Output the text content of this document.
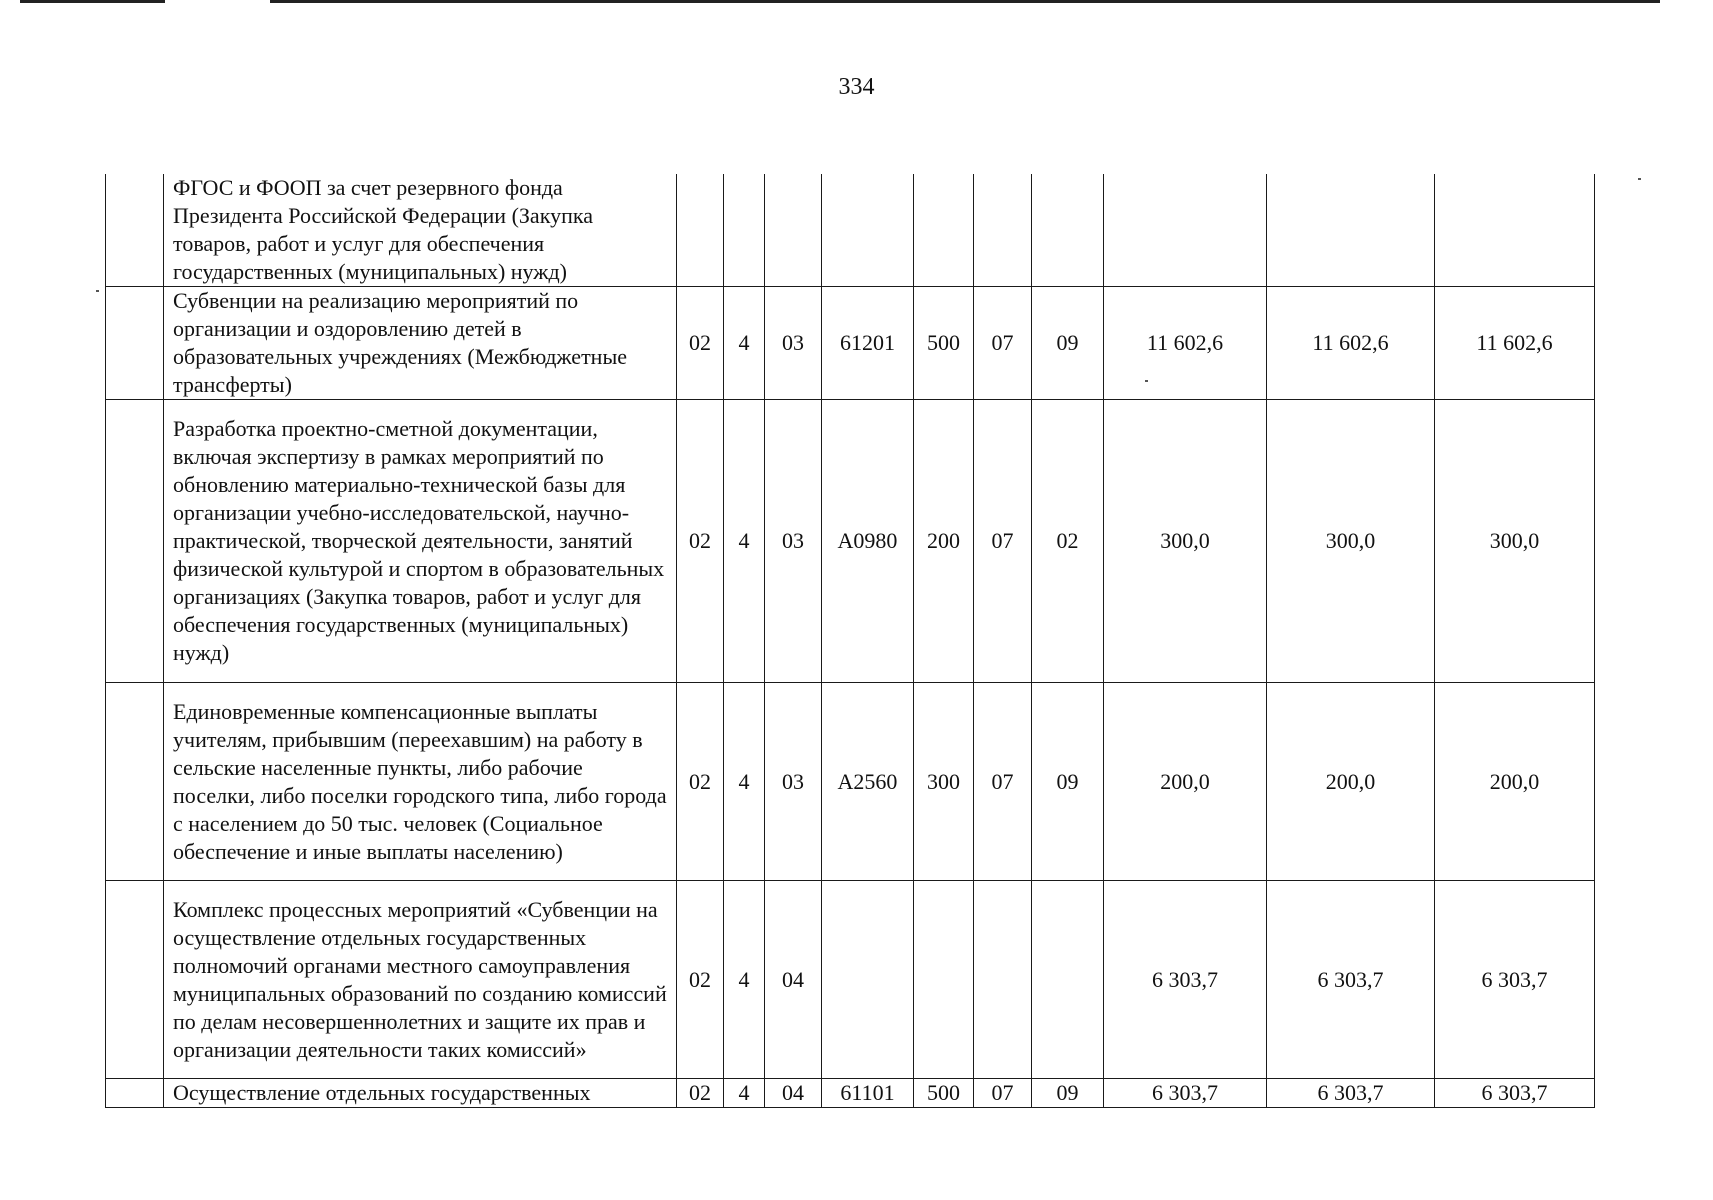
334
	ФГОС и ФООП за счет резервного фонда Президента Российской Федерации (Закупка товаров, работ и услуг для обеспечения государственных (муниципальных) нужд)										
	Субвенции на реализацию мероприятий по организации и оздоровлению детей в образовательных учреждениях (Межбюджетные трансферты)	02	4	03	61201	500	07	09	11 602,6	11 602,6	11 602,6
	Разработка проектно-сметной документации, включая экспертизу в рамках мероприятий по обновлению материально-технической базы для организации учебно-исследовательской, научно-практической, творческой деятельности, занятий физической культурой и спортом в образовательных организациях (Закупка товаров, работ и услуг для обеспечения государственных (муниципальных) нужд)	02	4	03	А0980	200	07	02	300,0	300,0	300,0
	Единовременные компенсационные выплаты учителям, прибывшим (переехавшим) на работу в сельские населенные пункты, либо рабочие поселки, либо поселки городского типа, либо города с населением до 50 тыс. человек (Социальное обеспечение и иные выплаты населению)	02	4	03	А2560	300	07	09	200,0	200,0	200,0
	Комплекс процессных мероприятий «Субвенции на осуществление отдельных государственных полномочий органами местного самоуправления муниципальных образований по созданию комиссий по делам несовершеннолетних и защите их прав и организации деятельности таких комиссий»	02	4	04					6 303,7	6 303,7	6 303,7
	Осуществление отдельных государственных	02	4	04	61101	500	07	09	6 303,7	6 303,7	6 303,7
